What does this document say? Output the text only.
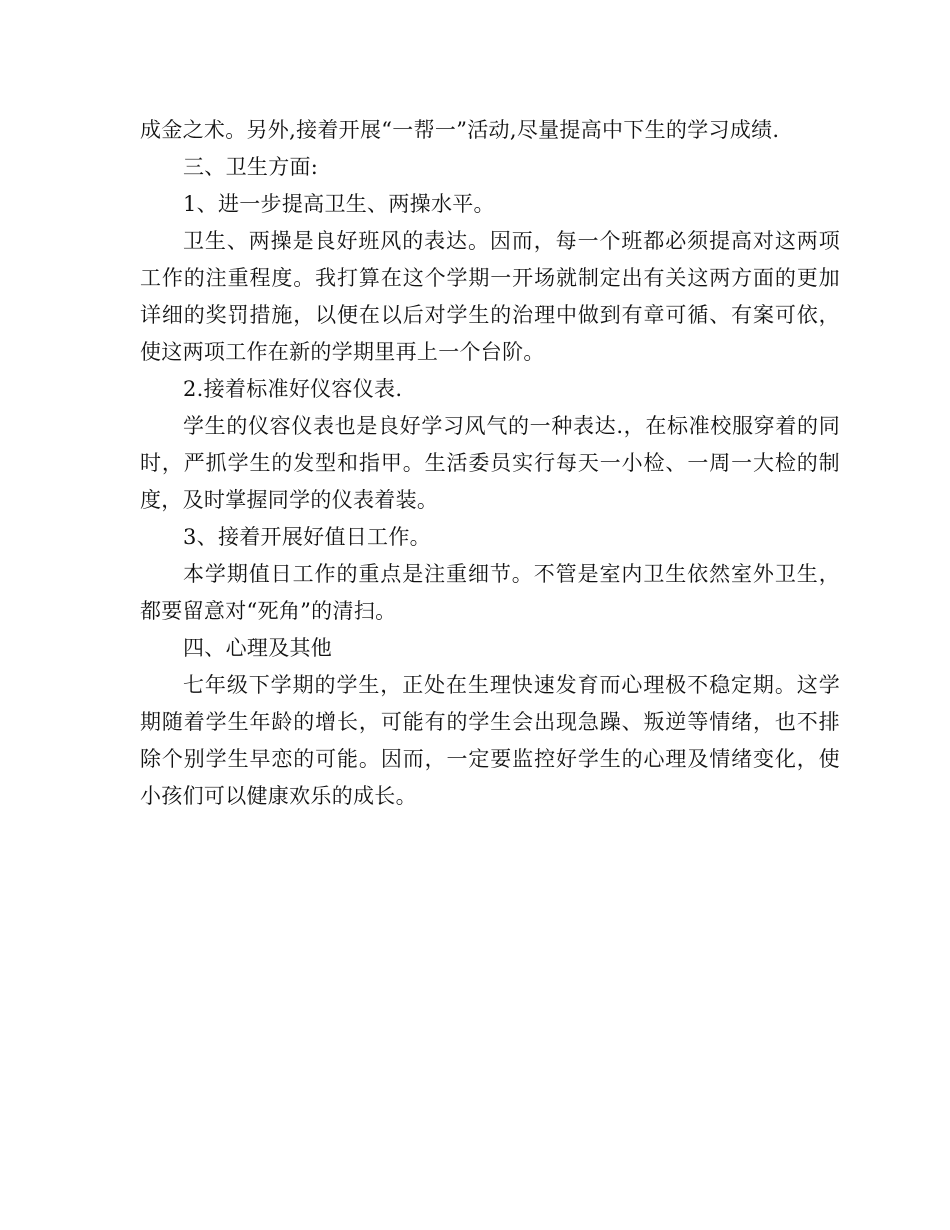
成金之术。另外,接着开展“一帮一”活动,尽量提高中下生的学习成绩.

三、卫生方面:

1、进一步提高卫生、两操水平。

卫生、两操是良好班风的表达。因而，每一个班都必须提高对这两项工作的注重程度。我打算在这个学期一开场就制定出有关这两方面的更加详细的奖罚措施，以便在以后对学生的治理中做到有章可循、有案可依，使这两项工作在新的学期里再上一个台阶。

2.接着标准好仪容仪表.

学生的仪容仪表也是良好学习风气的一种表达.，在标准校服穿着的同时，严抓学生的发型和指甲。生活委员实行每天一小检、一周一大检的制度，及时掌握同学的仪表着装。

3、接着开展好值日工作。

本学期值日工作的重点是注重细节。不管是室内卫生依然室外卫生，都要留意对“死角”的清扫。

四、心理及其他

七年级下学期的学生，正处在生理快速发育而心理极不稳定期。这学期随着学生年龄的增长，可能有的学生会出现急躁、叛逆等情绪，也不排除个别学生早恋的可能。因而，一定要监控好学生的心理及情绪变化，使小孩们可以健康欢乐的成长。
